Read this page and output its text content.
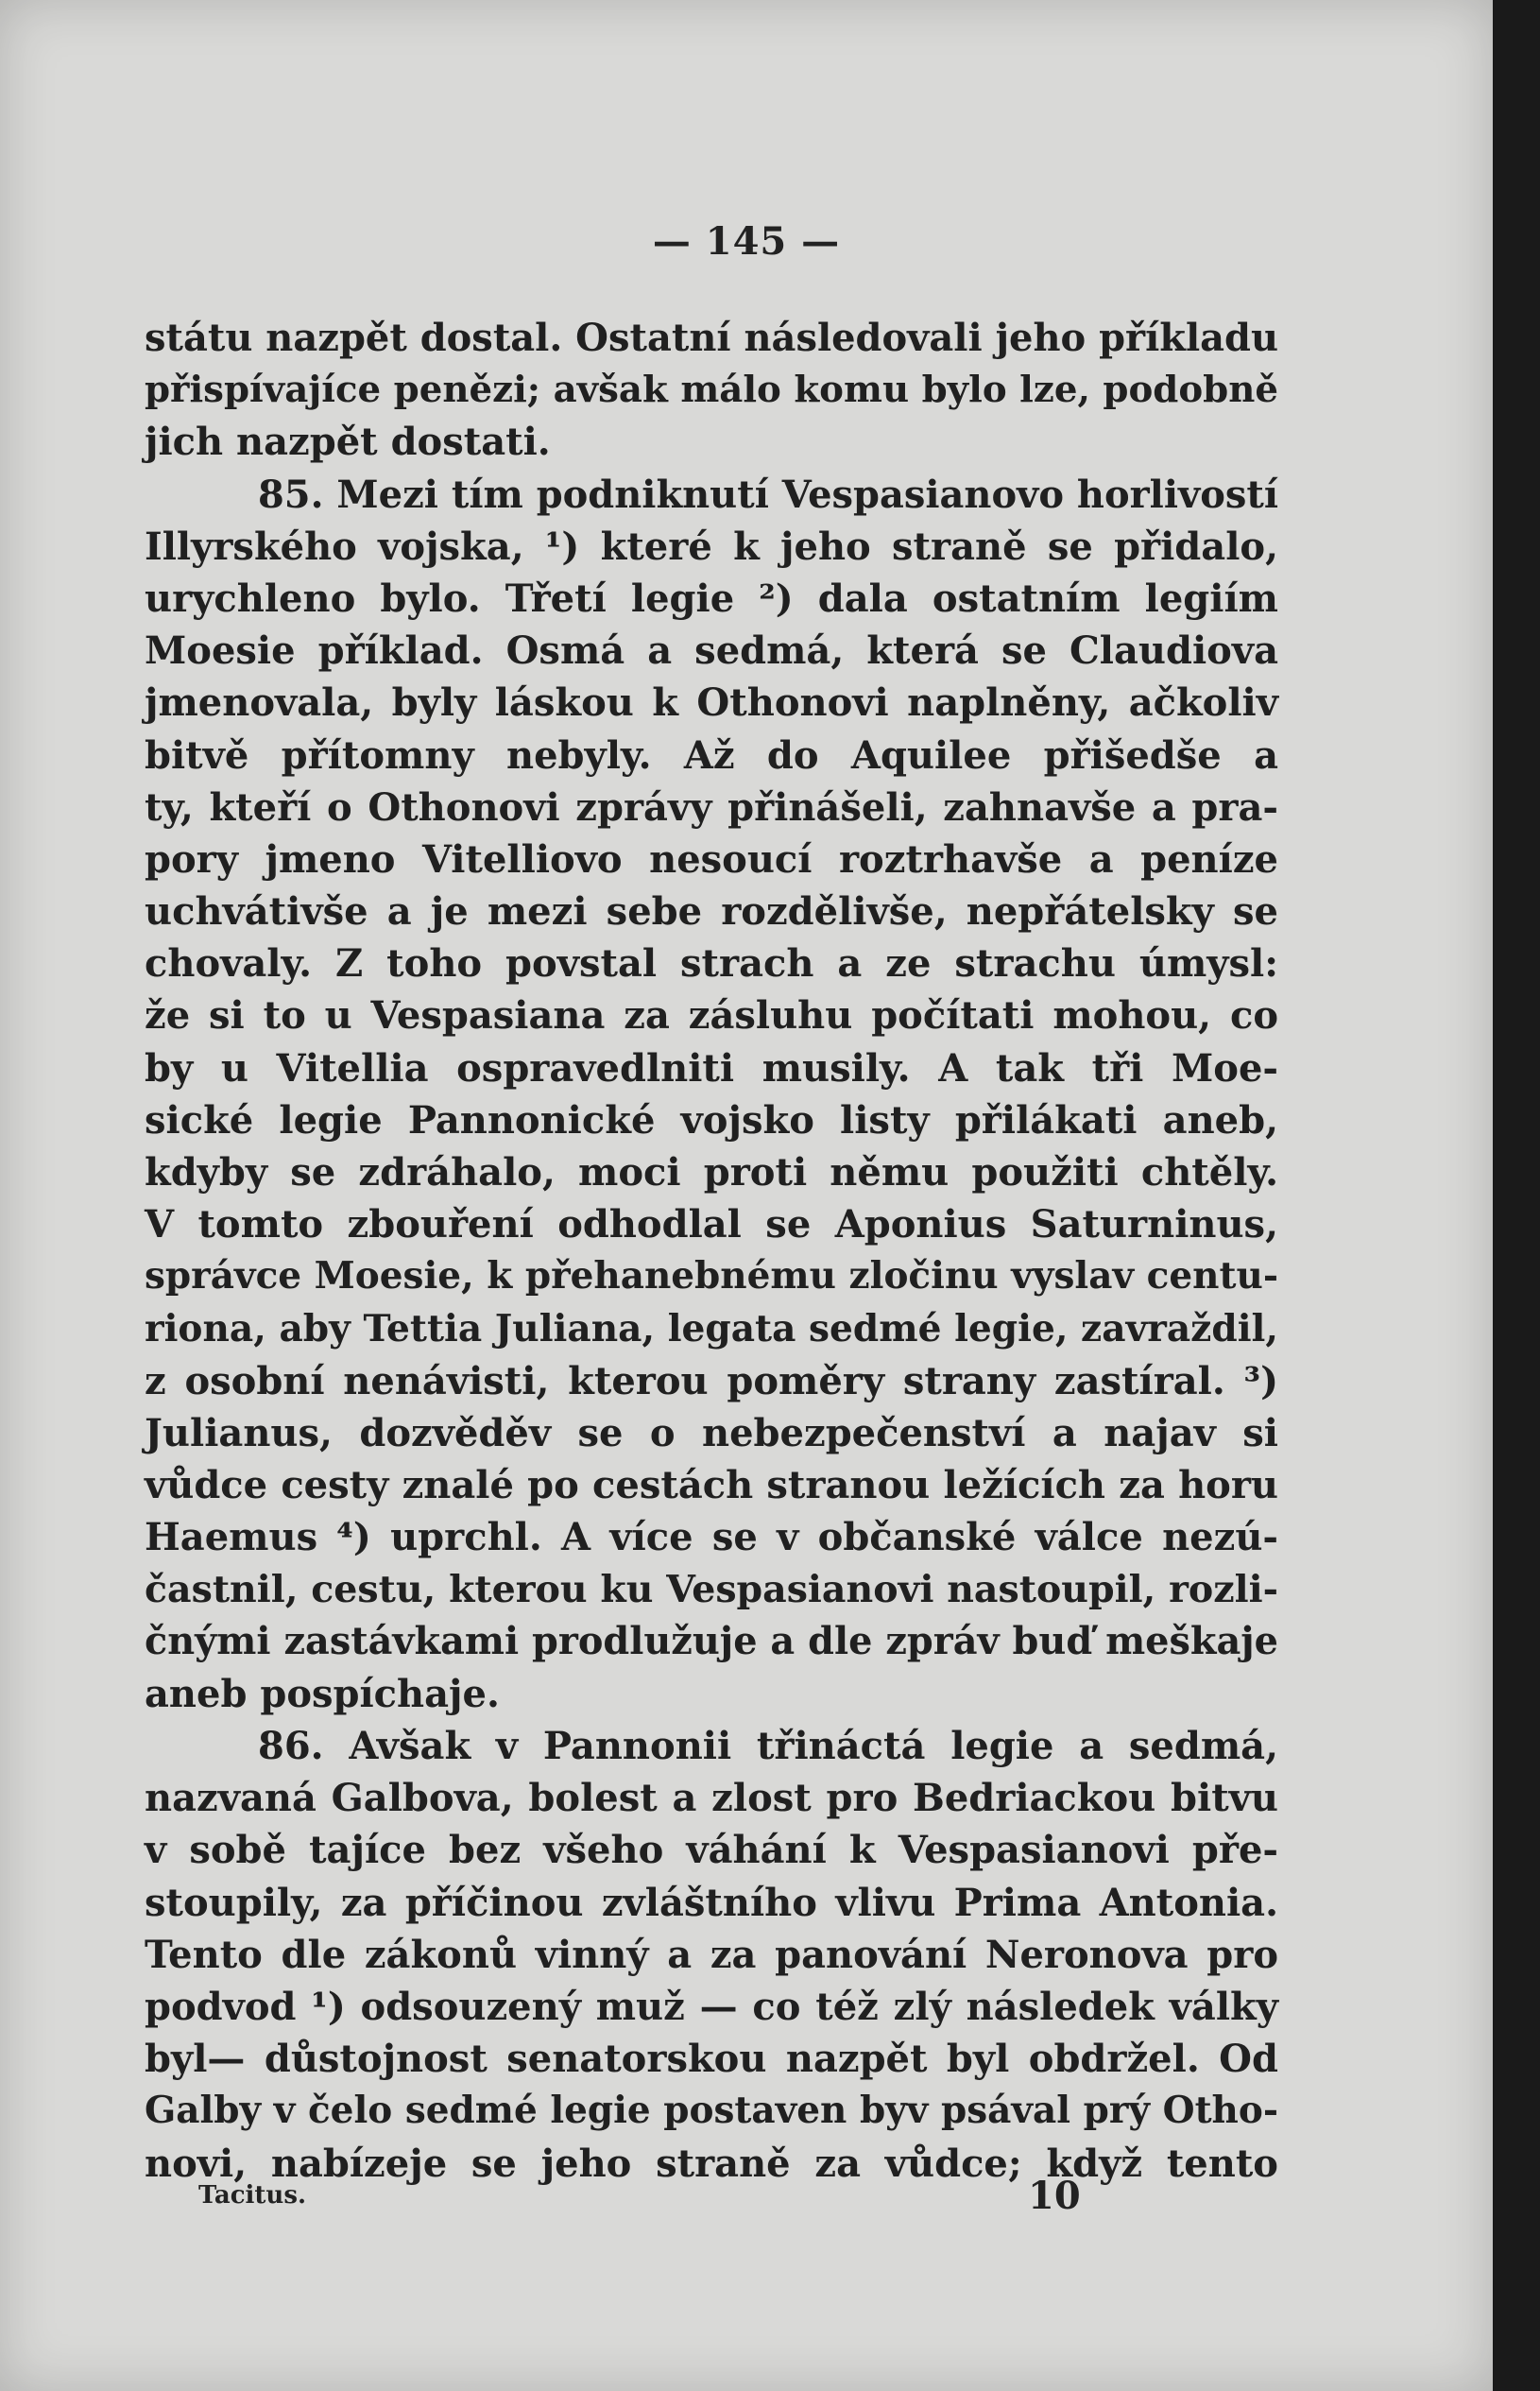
— 145 —
státu nazpět dostal. Ostatní následovali jeho příkladu
přispívajíce penězi; avšak málo komu bylo lze, podobně
jich nazpět dostati.
85. Mezi tím podniknutí Vespasianovo horlivostí
Illyrského vojska, ¹) které k jeho straně se přidalo,
urychleno bylo. Třetí legie ²) dala ostatním legiím
Moesie příklad. Osmá a sedmá, která se Claudiova
jmenovala, byly láskou k Othonovi naplněny, ačkoliv
bitvě přítomny nebyly. Až do Aquilee přišedše a
ty, kteří o Othonovi zprávy přinášeli, zahnavše a pra-
pory jmeno Vitelliovo nesoucí roztrhavše a peníze
uchvátivše a je mezi sebe rozdělivše, nepřátelsky se
chovaly. Z toho povstal strach a ze strachu úmysl:
že si to u Vespasiana za zásluhu počítati mohou, co
by u Vitellia ospravedlniti musily. A tak tři Moe-
sické legie Pannonické vojsko listy přilákati aneb,
kdyby se zdráhalo, moci proti němu použiti chtěly.
V tomto zbouření odhodlal se Aponius Saturninus,
správce Moesie, k přehanebnému zločinu vyslav centu-
riona, aby Tettia Juliana, legata sedmé legie, zavraždil,
z osobní nenávisti, kterou poměry strany zastíral. ³)
Julianus, dozvěděv se o nebezpečenství a najav si
vůdce cesty znalé po cestách stranou ležících za horu
Haemus ⁴) uprchl. A více se v občanské válce nezú-
častnil, cestu, kterou ku Vespasianovi nastoupil, rozli-
čnými zastávkami prodlužuje a dle zpráv buď meškaje
aneb pospíchaje.
86. Avšak v Pannonii třináctá legie a sedmá,
nazvaná Galbova, bolest a zlost pro Bedriackou bitvu
v sobě tajíce bez všeho váhání k Vespasianovi pře-
stoupily, za příčinou zvláštního vlivu Prima Antonia.
Tento dle zákonů vinný a za panování Neronova pro
podvod ¹) odsouzený muž — co též zlý následek války
byl— důstojnost senatorskou nazpět byl obdržel. Od
Galby v čelo sedmé legie postaven byv psával prý Otho-
novi, nabízeje se jeho straně za vůdce; když tento
Tacitus.	10
